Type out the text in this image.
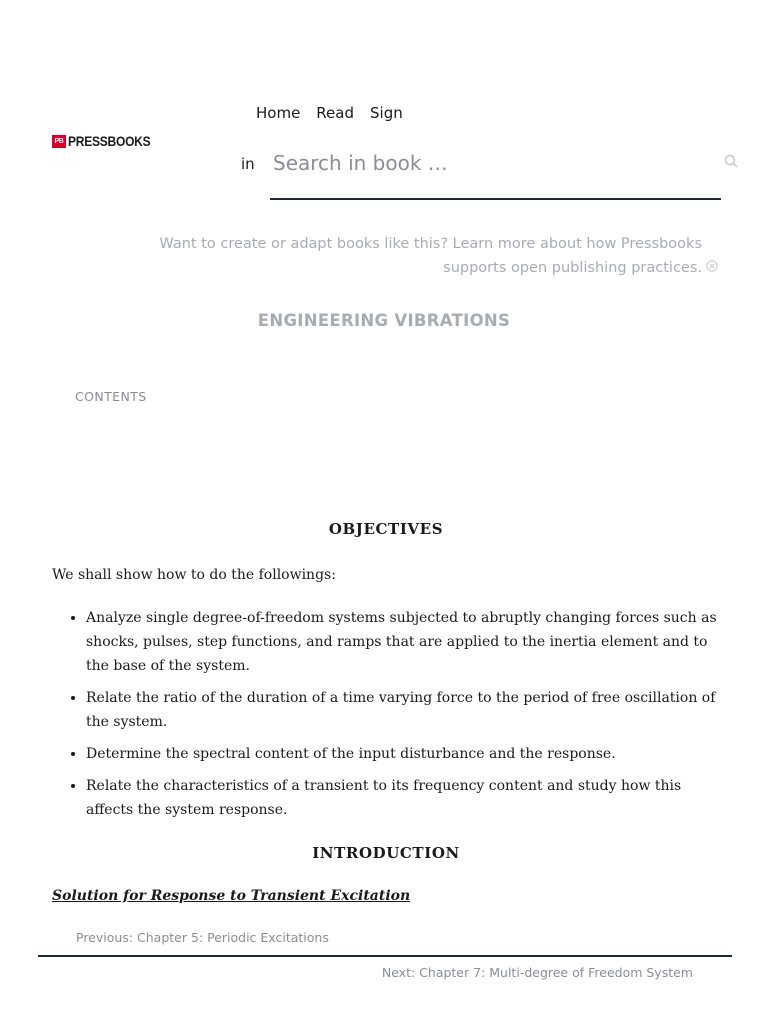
PB PRESSBOOKS
Home Read Sign
in
Search in book …
Want to create or adapt books like this? Learn more about how Pressbooks supports open publishing practices.
ENGINEERING VIBRATIONS
CONTENTS
OBJECTIVES

We shall show how to do the followings:

• Analyze single degree-of-freedom systems subjected to abruptly changing forces such as shocks, pulses, step functions, and ramps that are applied to the inertia element and to the base of the system.
• Relate the ratio of the duration of a time varying force to the period of free oscillation of the system.
• Determine the spectral content of the input disturbance and the response.
• Relate the characteristics of a transient to its frequency content and study how this affects the system response.
INTRODUCTION
Solution for Response to Transient Excitation
Previous: Chapter 5: Periodic Excitations
Next: Chapter 7: Multi-degree of Freedom System
